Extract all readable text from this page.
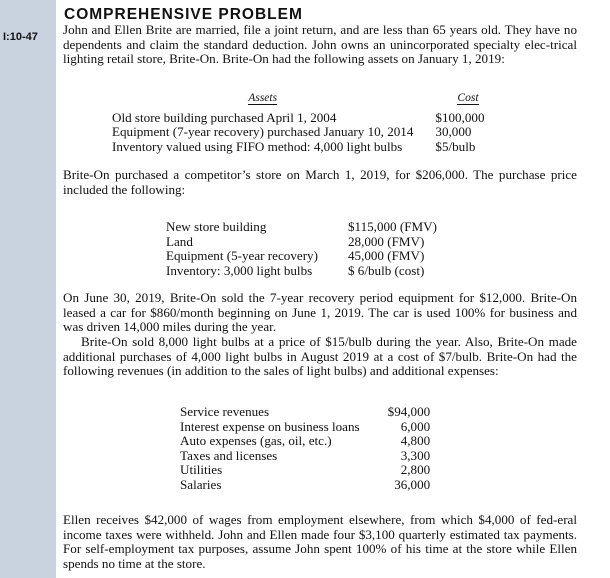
I:10-47
COMPREHENSIVE PROBLEM

John and Ellen Brite are married, file a joint return, and are less than 65 years old. They have no dependents and claim the standard deduction. John owns an unincorporated specialty elec-trical lighting retail store, Brite-On. Brite-On had the following assets on January 1, 2019:

Assets	Cost
Old store building purchased April 1, 2004	$100,000
Equipment (7-year recovery) purchased January 10, 2014	30,000
Inventory valued using FIFO method: 4,000 light bulbs	$5/bulb

Brite-On purchased a competitor’s store on March 1, 2019, for $206,000. The purchase price included the following:

New store building	$115,000 (FMV)
Land	28,000 (FMV)
Equipment (5-year recovery)	45,000 (FMV)
Inventory: 3,000 light bulbs	$ 6/bulb (cost)

On June 30, 2019, Brite-On sold the 7-year recovery period equipment for $12,000. Brite-On leased a car for $860/month beginning on June 1, 2019. The car is used 100% for business and was driven 14,000 miles during the year.

Brite-On sold 8,000 light bulbs at a price of $15/bulb during the year. Also, Brite-On made additional purchases of 4,000 light bulbs in August 2019 at a cost of $7/bulb. Brite-On had the following revenues (in addition to the sales of light bulbs) and additional expenses:

Service revenues	$94,000
Interest expense on business loans	6,000
Auto expenses (gas, oil, etc.)	4,800
Taxes and licenses	3,300
Utilities	2,800
Salaries	36,000

Ellen receives $42,000 of wages from employment elsewhere, from which $4,000 of fed-eral income taxes were withheld. John and Ellen made four $3,100 quarterly estimated tax payments. For self-employment tax purposes, assume John spent 100% of his time at the store while Ellen spends no time at the store.
